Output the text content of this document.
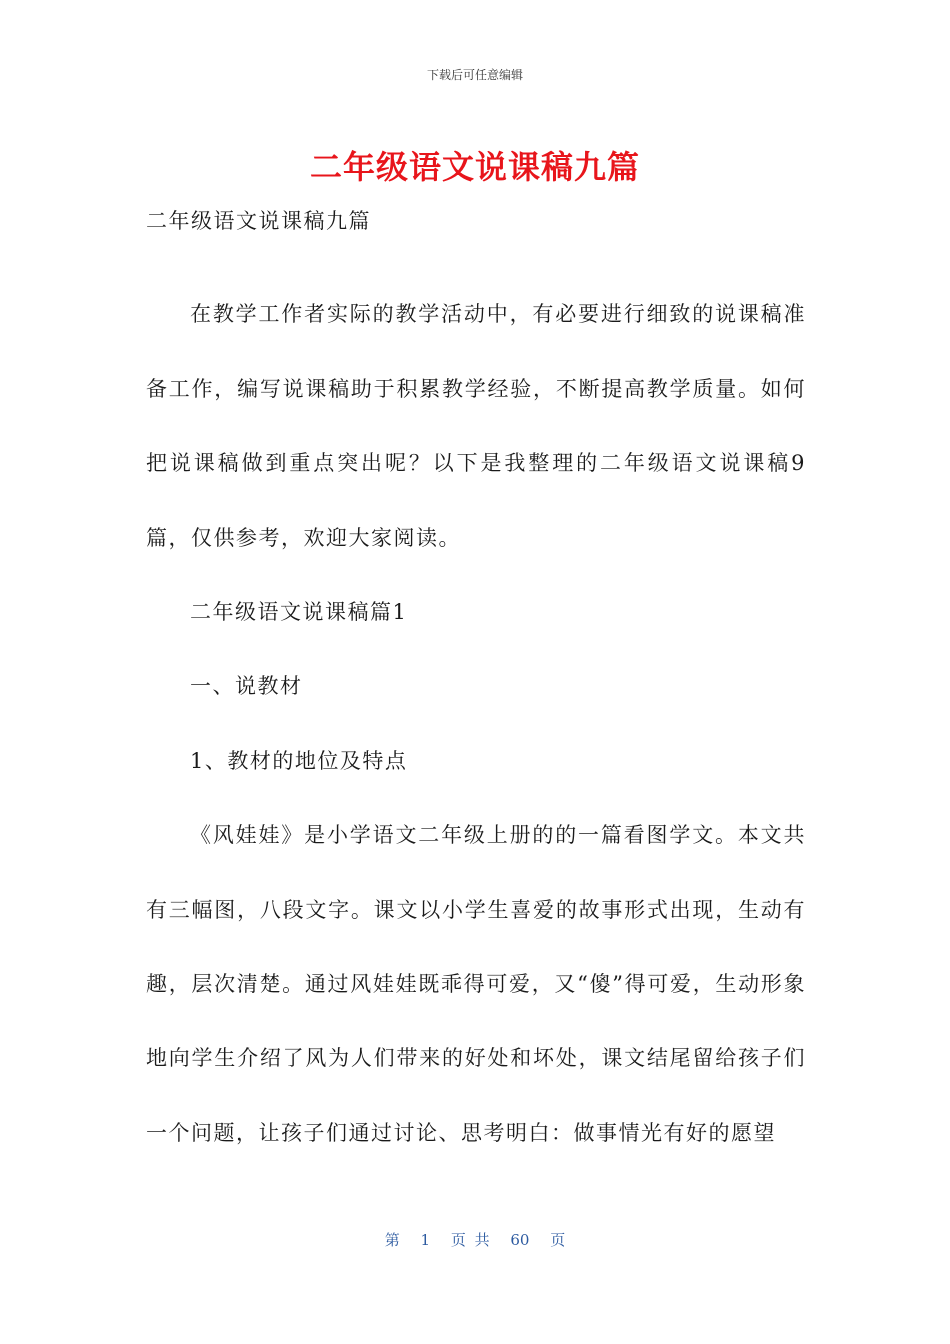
下载后可任意编辑
二年级语文说课稿九篇
二年级语文说课稿九篇

在教学工作者实际的教学活动中，有必要进行细致的说课稿准备工作，编写说课稿助于积累教学经验，不断提高教学质量。如何把说课稿做到重点突出呢？以下是我整理的二年级语文说课稿9篇，仅供参考，欢迎大家阅读。

二年级语文说课稿篇1

一、说教材

1、教材的地位及特点

《风娃娃》是小学语文二年级上册的的一篇看图学文。本文共有三幅图，八段文字。课文以小学生喜爱的故事形式出现，生动有趣，层次清楚。通过风娃娃既乖得可爱，又“傻”得可爱，生动形象地向学生介绍了风为人们带来的好处和坏处，课文结尾留给孩子们一个问题，让孩子们通过讨论、思考明白：做事情光有好的愿望

第 1 页 共 60 页
